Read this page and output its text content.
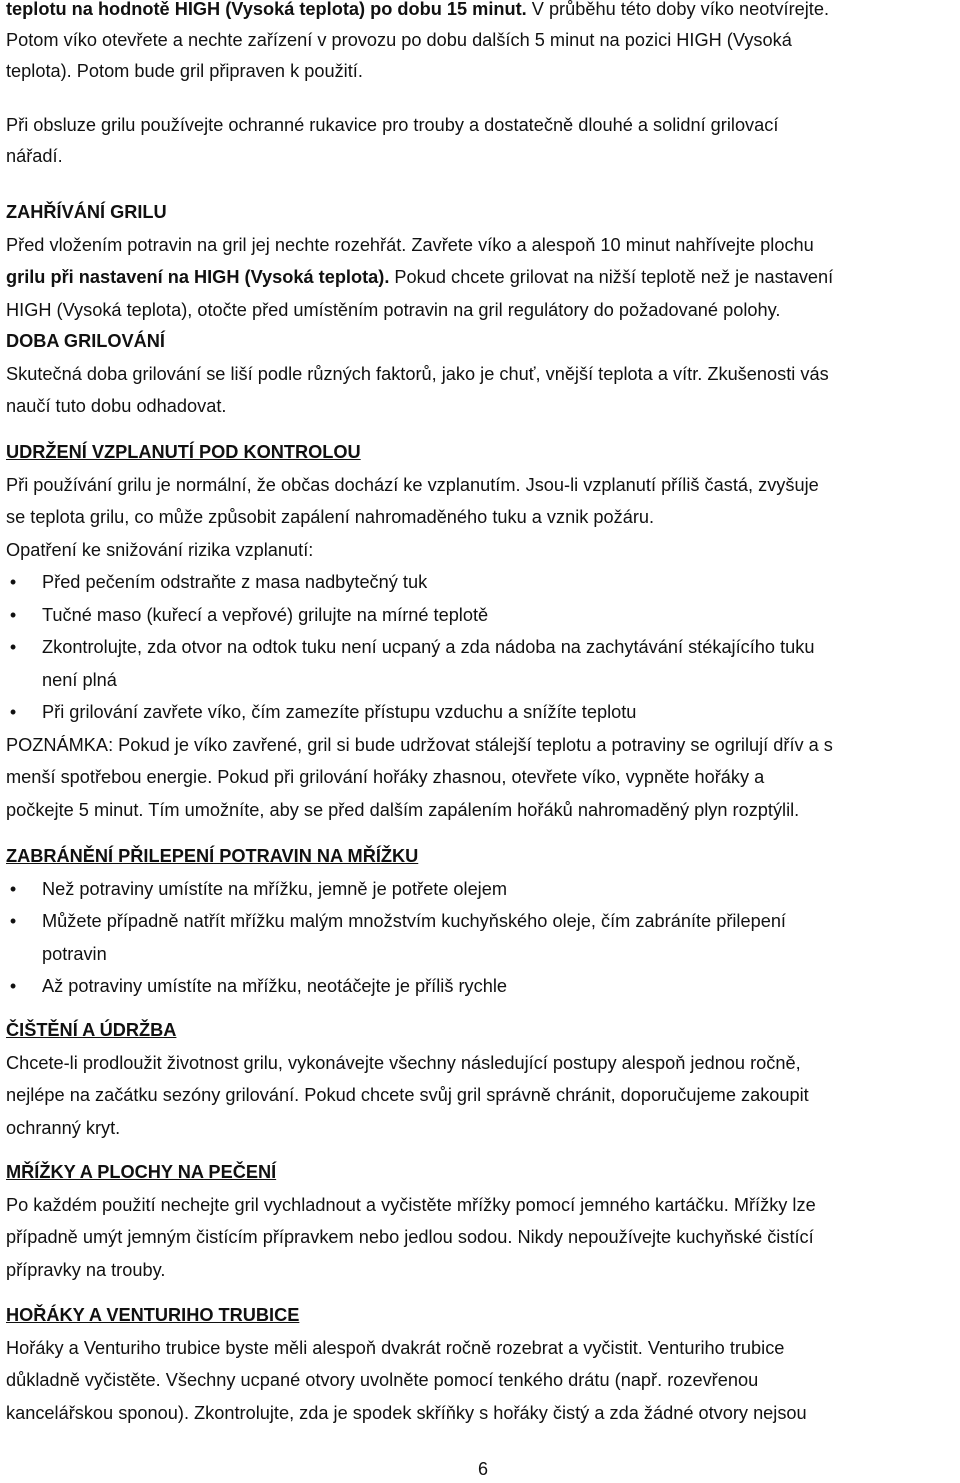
teplotu na hodnotě HIGH (Vysoká teplota) po dobu 15 minut. V průběhu této doby víko neotvírejte.
Potom víko otevřete a nechte zařízení v provozu po dobu dalších 5 minut na pozici HIGH (Vysoká
teplota). Potom bude gril připraven k použití.
Při obsluze grilu používejte ochranné rukavice pro trouby a dostatečně dlouhé a solidní grilovací
nářadí.
ZAHŘÍVÁNÍ GRILU
Před vložením potravin na gril jej nechte rozehřát. Zavřete víko a alespoň 10 minut nahřívejte plochu
grilu při nastavení na HIGH (Vysoká teplota). Pokud chcete grilovat na nižší teplotě než je nastavení
HIGH (Vysoká teplota), otočte před umístěním potravin na gril regulátory do požadované polohy.
DOBA GRILOVÁNÍ
Skutečná doba grilování se liší podle různých faktorů, jako je chuť, vnější teplota a vítr. Zkušenosti vás
naučí tuto dobu odhadovat.
UDRŽENÍ VZPLANUTÍ POD KONTROLOU
Při používání grilu je normální, že občas dochází ke vzplanutím. Jsou-li vzplanutí příliš častá, zvyšuje
se teplota grilu, co může způsobit zapálení nahromaděného tuku a vznik požáru.
Opatření ke snižování rizika vzplanutí:
• Před pečením odstraňte z masa nadbytečný tuk
• Tučné maso (kuřecí a vepřové) grilujte na mírné teplotě
• Zkontrolujte, zda otvor na odtok tuku není ucpaný a zda nádoba na zachytávání stékajícího tuku
není plná
• Při grilování zavřete víko, čím zamezíte přístupu vzduchu a snížíte teplotu
POZNÁMKA: Pokud je víko zavřené, gril si bude udržovat stálejší teplotu a potraviny se ogrilují dřív a s
menší spotřebou energie. Pokud při grilování hořáky zhasnou, otevřete víko, vypněte hořáky a
počkejte 5 minut. Tím umožníte, aby se před dalším zapálením hořáků nahromaděný plyn rozptýlil.
ZABRÁNĚNÍ PŘILEPENÍ POTRAVIN NA MŘÍŽKU
• Než potraviny umístíte na mřížku, jemně je potřete olejem
• Můžete případně natřít mřížku malým množstvím kuchyňského oleje, čím zabráníte přilepení
potravin
• Až potraviny umístíte na mřížku, neotáčejte je příliš rychle
ČIŠTĚNÍ A ÚDRŽBA
Chcete-li prodloužit životnost grilu, vykonávejte všechny následující postupy alespoň jednou ročně,
nejlépe na začátku sezóny grilování. Pokud chcete svůj gril správně chránit, doporučujeme zakoupit
ochranný kryt.
MŘÍŽKY A PLOCHY NA PEČENÍ
Po každém použití nechejte gril vychladnout a vyčistěte mřížky pomocí jemného kartáčku. Mřížky lze
případně umýt jemným čistícím přípravkem nebo jedlou sodou. Nikdy nepoužívejte kuchyňské čistící
přípravky na trouby.
HOŘÁKY A VENTURIHO TRUBICE
Hořáky a Venturiho trubice byste měli alespoň dvakrát ročně rozebrat a vyčistit. Venturiho trubice
důkladně vyčistěte. Všechny ucpané otvory uvolněte pomocí tenkého drátu (např. rozevřenou
kancelářskou sponou). Zkontrolujte, zda je spodek skříňky s hořáky čistý a zda žádné otvory nejsou
6
